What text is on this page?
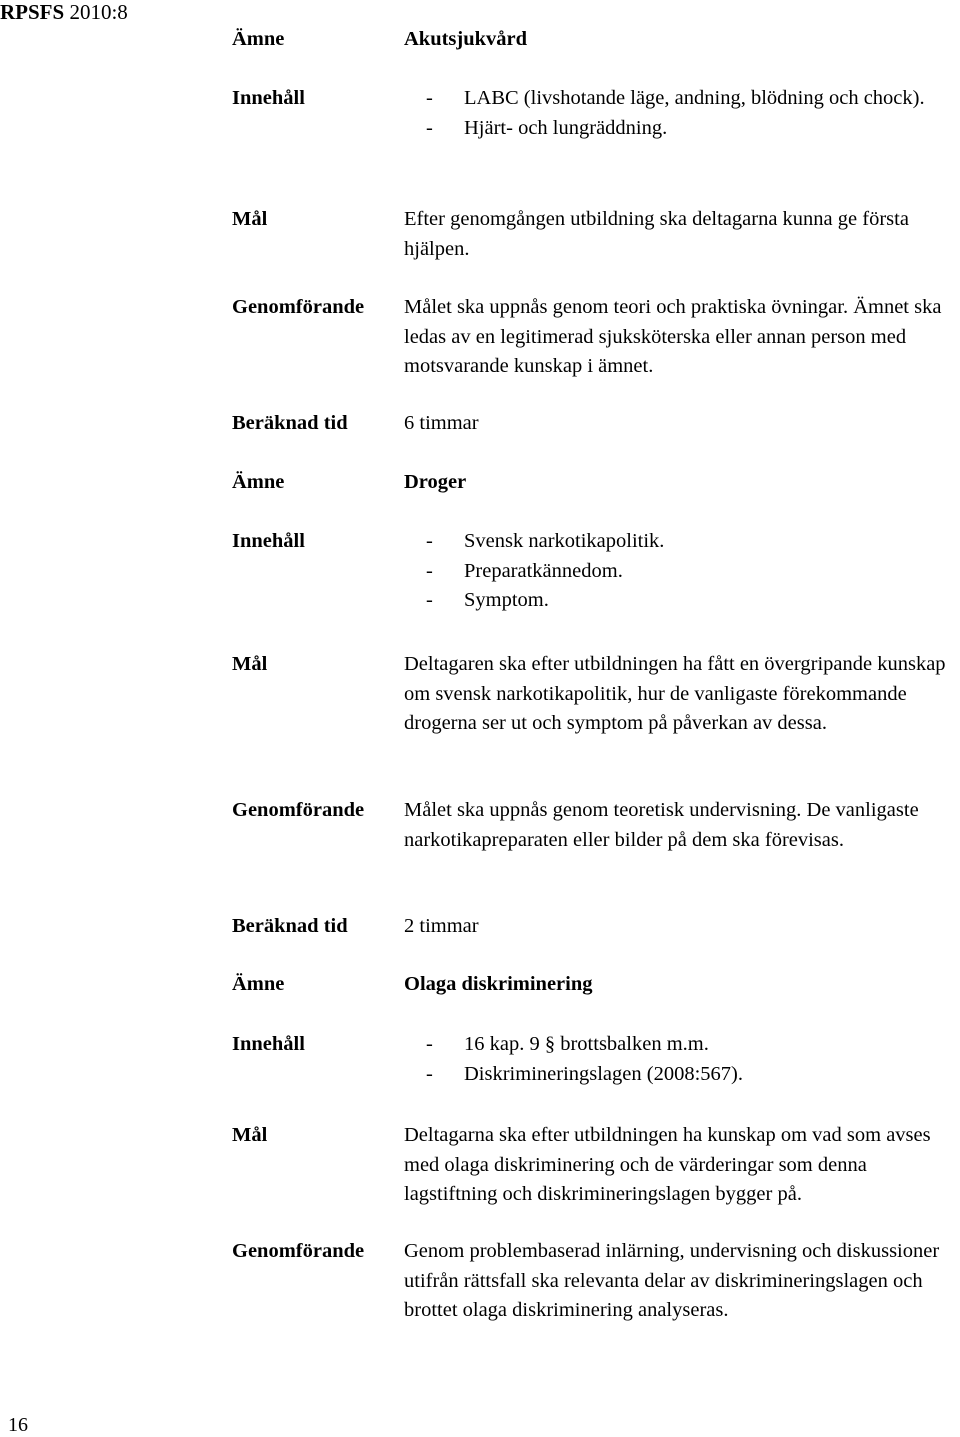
RPSFS 2010:8
Ämne	Akutsjukvård
Innehåll	- LABC (livshotande läge, andning, blödning och chock).
- Hjärt- och lungräddning.
Mål	Efter genomgången utbildning ska deltagarna kunna ge första hjälpen.
Genomförande	Målet ska uppnås genom teori och praktiska övningar. Ämnet ska ledas av en legitimerad sjuksköterska eller annan person med motsvarande kunskap i ämnet.
Beräknad tid	6 timmar
Ämne	Droger
Innehåll	- Svensk narkotikapolitik.
- Preparatkännedom.
- Symptom.
Mål	Deltagaren ska efter utbildningen ha fått en övergripande kunskap om svensk narkotikapolitik, hur de vanligaste förekommande drogerna ser ut och symptom på påverkan av dessa.
Genomförande	Målet ska uppnås genom teoretisk undervisning. De vanligaste narkotikapreparaten eller bilder på dem ska förevisas.
Beräknad tid	2 timmar
Ämne	Olaga diskriminering
Innehåll	- 16 kap. 9 § brottsbalken m.m.
- Diskrimineringslagen (2008:567).
Mål	Deltagarna ska efter utbildningen ha kunskap om vad som avses med olaga diskriminering och de värderingar som denna lagstiftning och diskrimineringslagen bygger på.
Genomförande	Genom problembaserad inlärning, undervisning och diskussioner utifrån rättsfall ska relevanta delar av diskrimineringslagen och brottet olaga diskriminering analyseras.
16
